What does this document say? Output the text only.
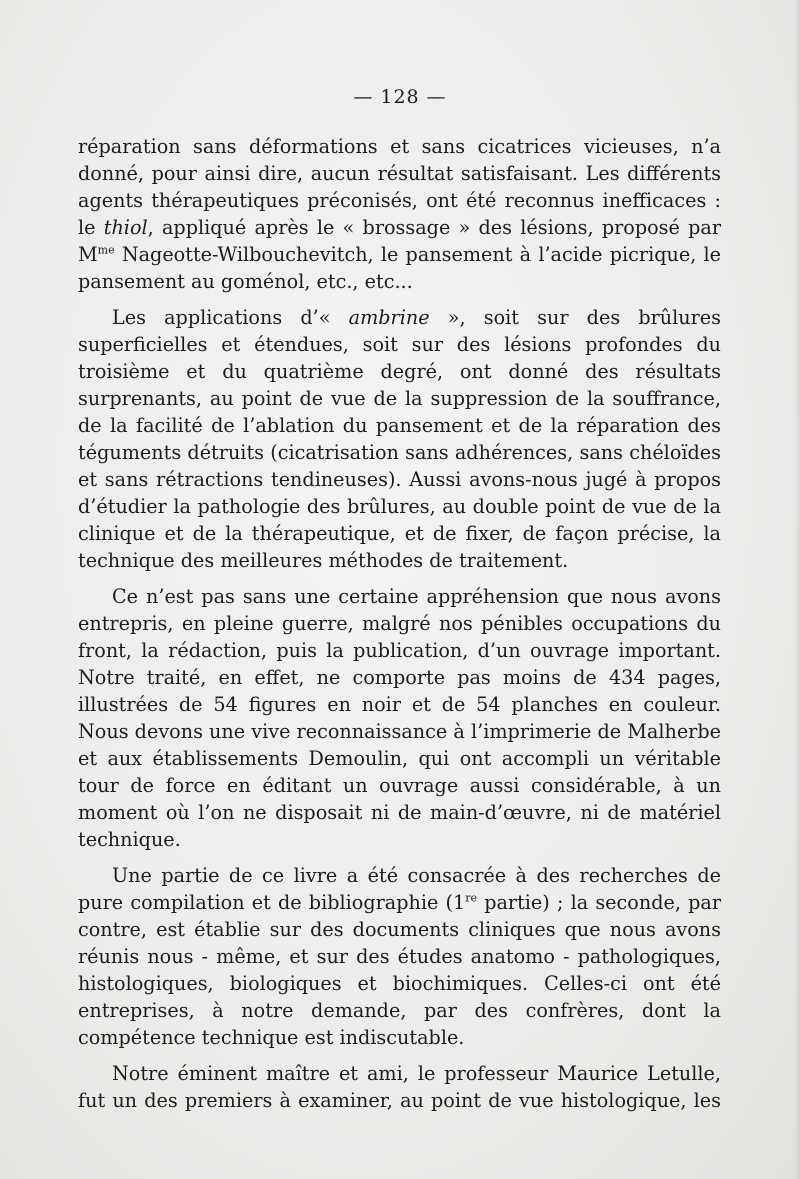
— 128 —

réparation sans déformations et sans cicatrices vicieuses, n’a donné, pour ainsi dire, aucun résultat satisfaisant. Les différents agents thérapeutiques préconisés, ont été reconnus inefficaces : le thiol, appliqué après le « brossage » des lésions, proposé par $M^{me}$ Nageotte-Wilbouchevitch, le pansement à l’acide picrique, le pansement au goménol, etc., etc...

Les applications d’« ambrine », soit sur des brûlures superficielles et étendues, soit sur des lésions profondes du troisième et du quatrième degré, ont donné des résultats surprenants, au point de vue de la suppression de la souffrance, de la facilité de l’ablation du pansement et de la réparation des téguments détruits (cicatrisation sans adhérences, sans chéloïdes et sans rétractions tendineuses). Aussi avons-nous jugé à propos d’étudier la pathologie des brûlures, au double point de vue de la clinique et de la thérapeutique, et de fixer, de façon précise, la technique des meilleures méthodes de traitement.

Ce n’est pas sans une certaine appréhension que nous avons entrepris, en pleine guerre, malgré nos pénibles occupations du front, la rédaction, puis la publication, d’un ouvrage important. Notre traité, en effet, ne comporte pas moins de 434 pages, illustrées de 54 figures en noir et de 54 planches en couleur. Nous devons une vive reconnaissance à l’imprimerie de Malherbe et aux établissements Demoulin, qui ont accompli un véritable tour de force en éditant un ouvrage aussi considérable, à un moment où l’on ne disposait ni de main-d’œuvre, ni de matériel technique.

Une partie de ce livre a été consacrée à des recherches de pure compilation et de bibliographie (1re partie) ; la seconde, par contre, est établie sur des documents cliniques que nous avons réunis nous - même, et sur des études anatomo - pathologiques, histologiques, biologiques et biochimiques. Celles-ci ont été entreprises, à notre demande, par des confrères, dont la compétence technique est indiscutable.

Notre éminent maître et ami, le professeur Maurice Letulle, fut un des premiers à examiner, au point de vue histologique, les
